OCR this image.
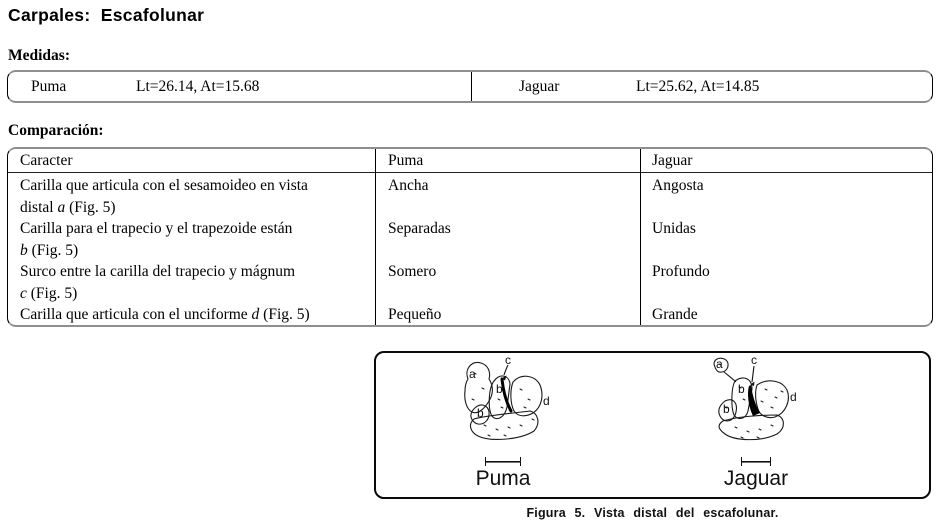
Carpales:  Escafolunar
Medidas:
Puma	Lt=26.14, At=15.68	Jaguar	Lt=25.62, At=14.85
Comparación:
Caracter	Puma	Jaguar
Carilla que articula con el sesamoideo en vista
distal a (Fig. 5)
Ancha	Angosta
Carilla para el trapecio y el trapezoide están
b (Fig. 5)
Separadas	Unidas
Surco entre la carilla del trapecio y mágnum
c (Fig. 5)
Somero	Profundo
Carilla que articula con el unciforme d (Fig. 5)	Pequeño	Grande
a
b
b
c
d
Puma
a
b
b
c
d
Jaguar
Figura 5. Vista distal del escafolunar.
